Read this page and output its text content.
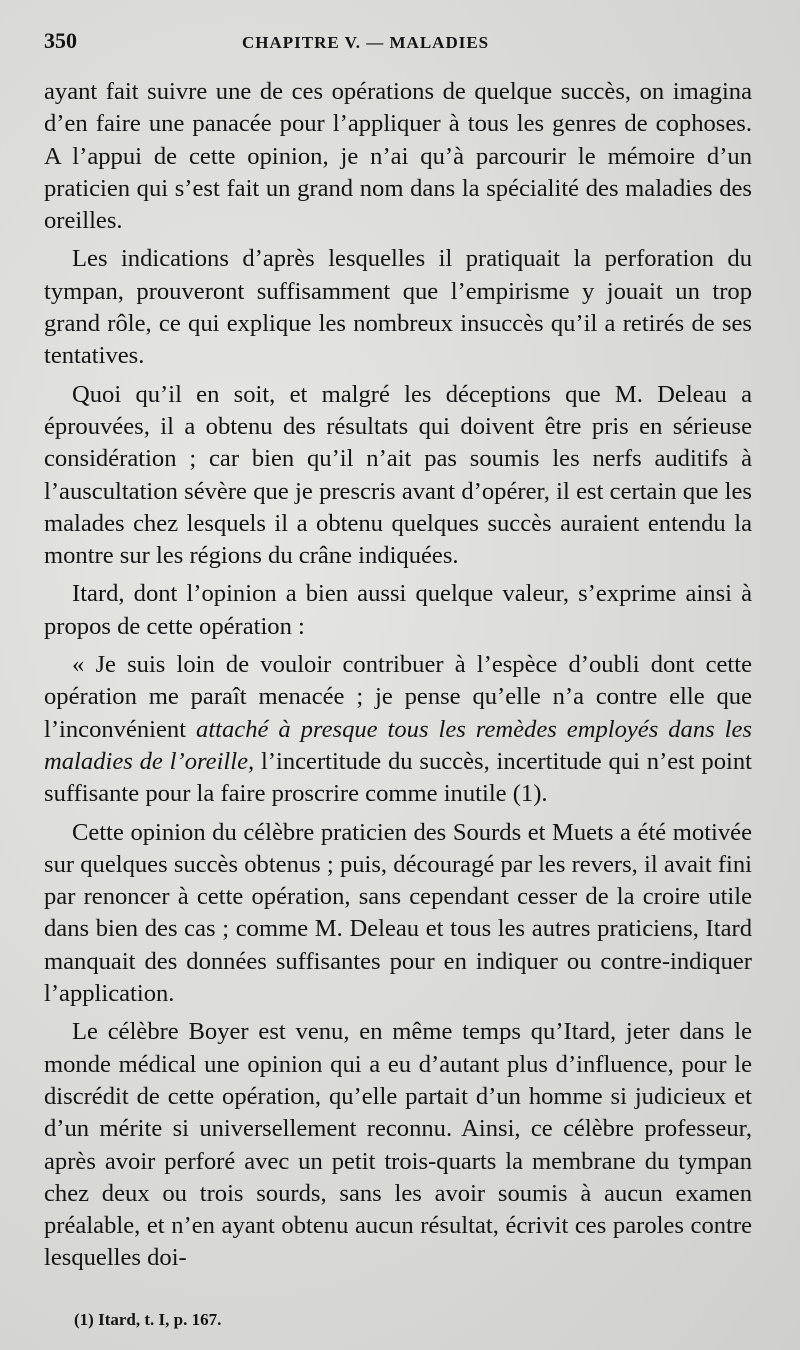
350	CHAPITRE V. — MALADIES

ayant fait suivre une de ces opérations de quelque succès, on imagina d’en faire une panacée pour l’appliquer à tous les genres de cophoses. A l’appui de cette opinion, je n’ai qu’à parcourir le mémoire d’un praticien qui s’est fait un grand nom dans la spécialité des maladies des oreilles.

Les indications d’après lesquelles il pratiquait la perforation du tympan, prouveront suffisamment que l’empirisme y jouait un trop grand rôle, ce qui explique les nombreux insuccès qu’il a retirés de ses tentatives.

Quoi qu’il en soit, et malgré les déceptions que M. Deleau a éprouvées, il a obtenu des résultats qui doivent être pris en sérieuse considération ; car bien qu’il n’ait pas soumis les nerfs auditifs à l’auscultation sévère que je prescris avant d’opérer, il est certain que les malades chez lesquels il a obtenu quelques succès auraient entendu la montre sur les régions du crâne indiquées.

Itard, dont l’opinion a bien aussi quelque valeur, s’exprime ainsi à propos de cette opération :

« Je suis loin de vouloir contribuer à l’espèce d’oubli dont cette opération me paraît menacée ; je pense qu’elle n’a contre elle que l’inconvénient attaché à presque tous les remèdes employés dans les maladies de l’oreille, l’incertitude du succès, incertitude qui n’est point suffisante pour la faire proscrire comme inutile (1).

Cette opinion du célèbre praticien des Sourds et Muets a été motivée sur quelques succès obtenus ; puis, découragé par les revers, il avait fini par renoncer à cette opération, sans cependant cesser de la croire utile dans bien des cas ; comme M. Deleau et tous les autres praticiens, Itard manquait des données suffisantes pour en indiquer ou contre-indiquer l’application.

Le célèbre Boyer est venu, en même temps qu’Itard, jeter dans le monde médical une opinion qui a eu d’autant plus d’influence, pour le discrédit de cette opération, qu’elle partait d’un homme si judicieux et d’un mérite si universellement reconnu. Ainsi, ce célèbre professeur, après avoir perforé avec un petit trois-quarts la membrane du tympan chez deux ou trois sourds, sans les avoir soumis à aucun examen préalable, et n’en ayant obtenu aucun résultat, écrivit ces paroles contre lesquelles doi-

(1) Itard, t. I, p. 167.
